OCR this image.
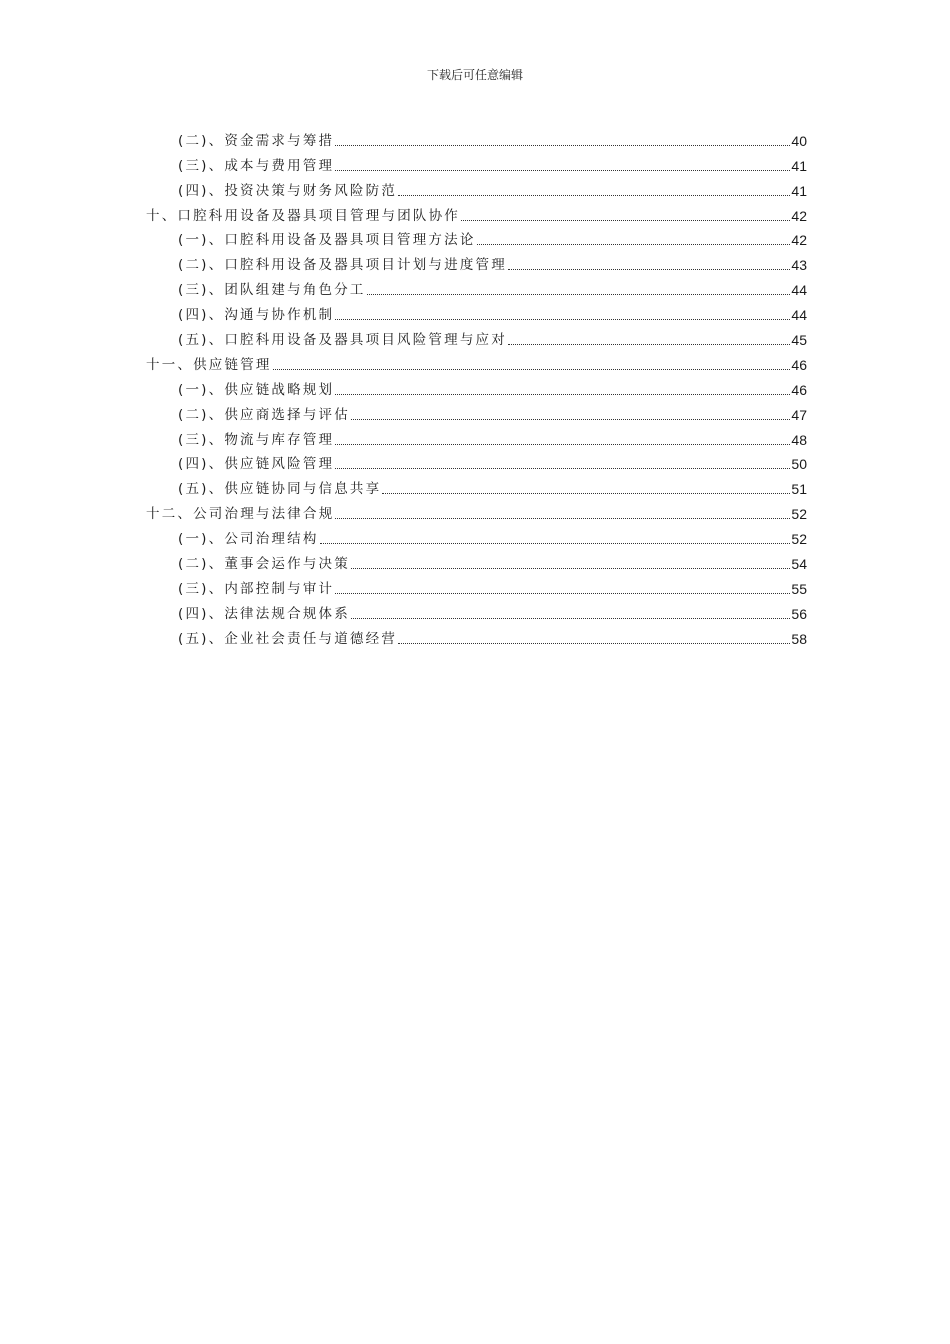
下载后可任意编辑
(二)、资金需求与筹措	40
(三)、成本与费用管理	41
(四)、投资决策与财务风险防范	41
十、口腔科用设备及器具项目管理与团队协作	42
(一)、口腔科用设备及器具项目管理方法论	42
(二)、口腔科用设备及器具项目计划与进度管理	43
(三)、团队组建与角色分工	44
(四)、沟通与协作机制	44
(五)、口腔科用设备及器具项目风险管理与应对	45
十一、供应链管理	46
(一)、供应链战略规划	46
(二)、供应商选择与评估	47
(三)、物流与库存管理	48
(四)、供应链风险管理	50
(五)、供应链协同与信息共享	51
十二、公司治理与法律合规	52
(一)、公司治理结构	52
(二)、董事会运作与决策	54
(三)、内部控制与审计	55
(四)、法律法规合规体系	56
(五)、企业社会责任与道德经营	58
